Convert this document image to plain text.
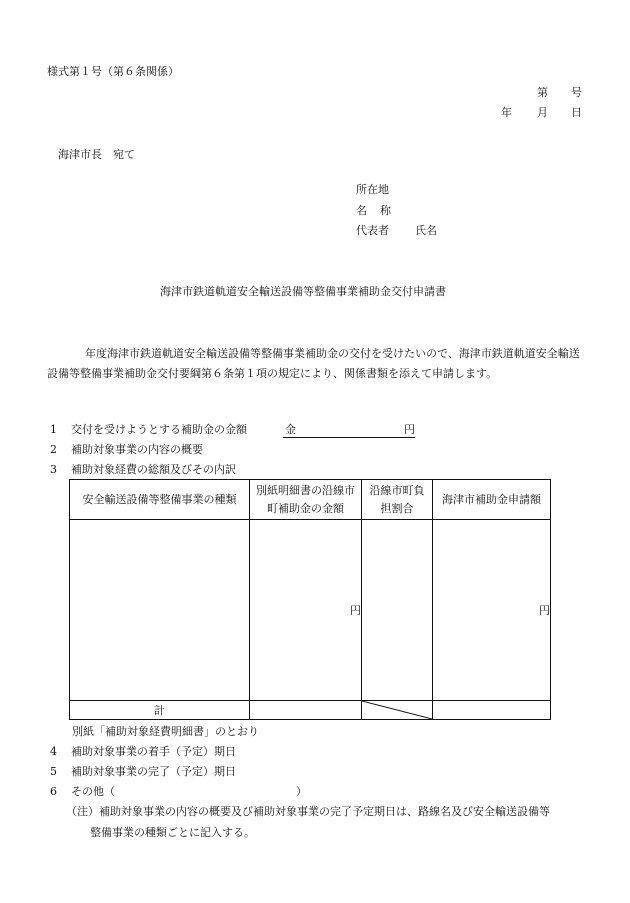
様式第１号（第６条関係）
第 号
年 月 日
海津市長　宛て
所在地
名 称
代表者 氏名
海津市鉄道軌道安全輸送設備等整備事業補助金交付申請書
年度海津市鉄道軌道安全輸送設備等整備事業補助金の交付を受けたいので、海津市鉄道軌道安全輸送設備等整備事業補助金交付要綱第６条第１項の規定により、関係書類を添えて申請します。
1 交付を受けようとする補助金の金額	金	円
2 補助対象事業の内容の概要
3 補助対象経費の総額及びその内訳
安全輸送設備等整備事業の種類	別紙明細書の沿線市町補助金の金額	沿線市町負担割合	海津市補助金申請額
	円		円
計		

別紙「補助対象経費明細書」のとおり
4 補助対象事業の着手（予定）期日
5 補助対象事業の完了（予定）期日
6 その他（	）
（注）補助対象事業の内容の概要及び補助対象事業の完了予定期日は、路線名及び安全輸送設備等
整備事業の種類ごとに記入する。
